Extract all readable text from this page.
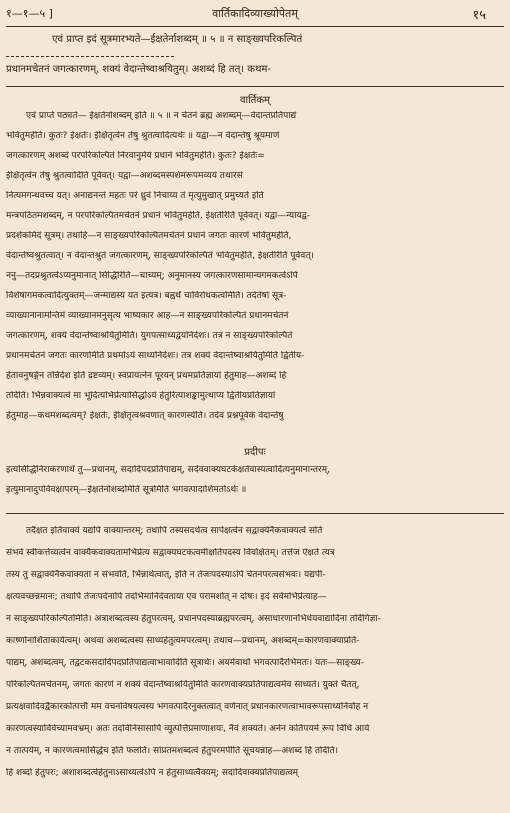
१—१—५ ]	वार्तिकादिव्याख्योपेतम्	१५
एवं प्राप्त इदं सूत्रमारभ्यते—ईक्षतेर्नाशब्दम् ॥ ५ ॥ न साङ्ख्यपरिकल्पितं
प्रधानमचेतनं जगत्कारणम्, शक्यं वेदान्तेष्वाश्रयितुम्। अशब्दं हि तत्। कथम-
वार्तिकम्
एवं प्राप्ते पठ्यते— ईक्षतेर्नाशब्दम् इति ॥ ५ ॥ न चेतनं ब्रह्म अशब्दम्—वेदान्तप्रतिपाद्यं
भवितुमर्हति। कुतः? ईक्षतेः। ईक्षितृत्वेन तेषु श्रुतत्वादित्यर्थः ॥ यद्वा—न वेदान्तेषु श्रूयमाणं
जगत्कारणम् अशब्दं परपरिकल्पितं निरवानुमेयं प्रधानं भवितुमर्हति। कुतः? ईक्षतेः=
ईक्षितृत्वेन तेषु श्रुतत्वादिति पूर्ववत्। यद्वा—अशब्दमस्पर्शमरूपमव्ययं तथारसं
नित्यमगन्धवच्च यत्। अनाद्यनन्तं महतः परं ध्रुवं निचाय्य तं मृत्युमुखात् प्रमुच्यते इति
मन्त्रपठितमशब्दम्, न परपरिकल्पितमचेतनं प्रधानं भवितुमर्हति, ईक्षतेरिति पूर्ववत्। यद्वा—न्यायद्व-
प्रदर्शकमिदं सूत्रम्। तथाहि—न साङ्ख्यपरिकल्पितमचेतनं प्रधानं जगतः कारणं भवितुमर्हति,
वेदान्तेष्वश्रुतत्वात्। न वेदान्तश्रुतं जगत्कारणम्, साङ्ख्यपरिकल्पितं भवितुमर्हति, ईक्षतेरिति पूर्ववत्।
ननु—तदप्रश्रुतत्वेऽप्यनुमानात् सिद्धिरिति—चाच्यम्; अनुमानस्य जगत्कारणसामान्यगमकत्वेऽपि
विशेषागमकत्वादित्युक्तम्—जन्माद्यस्य यत इत्यत्र। बह्वर्थं चाविरोधकत्वमिति। तदेतेषां सूत्र-
व्याख्यानानामन्तिमं व्याख्यानमनुसृत्य भाष्यकार आह—न साङ्ख्यपरिकल्पितं प्रधानमचेतनं
जगत्कारणम्, शक्यं वेदान्तेष्वाश्रयितुमिति। युगपत्साध्यद्वयनिर्देशः। तत्र न साङ्ख्यपरिकल्पितं
प्रधानमचेतनं जगतः कारणमिति प्रथमोऽयं साध्यनिर्देशः। तत्र शक्यं वेदान्तेष्वाश्रयितुमिति द्वितीय-
हेतावनुषङ्गेन तन्निर्देश इति द्रष्टव्यम्। स्वप्रायत्नेन पूरयन् प्रथमप्रतिज्ञायां हेतुमाह—अशब्दं हि
तदिति। भिन्नवाक्यत्वं मा भूदित्यभिप्रेत्यासिद्धोऽयं हेतुरित्याशङ्कामुत्थाप्य द्वितीयप्रतिज्ञायां
हेतुमाह—कथमशब्दत्वम्? ईक्षतेः, ईक्षितृत्वश्रवणात् कारणस्येति। तदेव प्रश्नपूर्वकं वेदान्तेषु
प्रदीपः
इत्यसिद्धिनिराकरणार्थं तु—प्रधानम्, सदादिपदप्रतिपाद्यम्, सदेववाक्यघटकेक्षतेवास्यत्वादित्यनुमानान्तरम्,
इत्युमानादुपविवक्षापरम्—ईक्षतेर्नाशब्दमिति सूत्रमिति भगवत्पादाशिमतोऽर्थः ॥
तदैक्षत इतिवाक्यं यद्यपि वाक्यान्तरम्; तथापि तस्यसदर्थत्व सापेक्षत्वेन सद्वाक्येनैकवाक्यत्वे सति
संभवे स्वीकर्त्तव्यत्वेन वाक्यैकवाक्यतामभिप्रेत्य सद्वाक्यघटकत्वमीक्षतिपदस्य विवक्षितम्। तत्तेज ऐक्षते त्यत्र
तस्य तु सद्वाक्येनैकवाक्यता न संभवति, भिन्नार्थत्वात्, इति न तेजःपदस्याऽपि चेतनपरत्वसंभवः। यद्यपी-
क्षत्यवच्छन्नमानः; तथापि तेजःपदेनापि तदभिमानिदेवताया एव परामर्शात् न दोषः। इदं सर्वमभिप्रेत्याह—
न साङ्ख्यपरिकल्पितमिति। अत्राशब्दत्वस्य हेतुपरत्वम्, प्रधानपदस्याब्रह्मपरत्वम्, असाधारणानभिधेयवाद्यादिना तदिगिज्ञा-
कार्ष्णानाशिताकार्यत्वम्। अथवा अशब्दत्वस्य साध्यहेतुत्वमपरत्वम्। तथाच—प्रधानम्, अशब्दम्=कारणवाक्याप्रति-
पाद्यम्, अशब्दत्वम्, तद्वटकसदादिपदप्रतिपाद्यत्वाभावादिति सूत्रार्थः। अयमेवार्थो भगवत्पादैरभिमतः। यतः—साङ्ख्य-
परिकल्पितमचेतनम्, जगतः कारणं न शक्यं वेदान्तेष्वाश्रयितुमिति कारणवाक्यप्रतिपाद्यत्वमेव साध्यते। युक्तं चैतत्,
प्रत्यक्षवादिवद्वैकारकोत्पत्तौ मम वचनविषयत्वस्य भगवत्पादैरनुक्तत्वात् वर्णनात् प्रधानकारणत्वाभावरूपसाध्यनिर्वाह न
कारणत्वस्याविवेच्यामवभ्रम्। अतः तदविनिसासापि व्युत्पत्तिप्रमाणाशयः, नैवं शक्यते। अनेन कतिपयमे रूप विधि आये
न तात्पर्यम्, न कारणत्वमासिद्धेच इति फलति। सांप्रतमशब्दत्वं हेतुपरमपीति सूचयन्नाह—अशब्दं हि तदिति।
हि शब्दो हेतुपरः; अशाशब्दत्वेहेतुनाऽसाध्यत्वेऽपि न हेतुसाध्यत्वैक्यम्; सदादिवाक्यप्रतिपाद्यत्वम्
